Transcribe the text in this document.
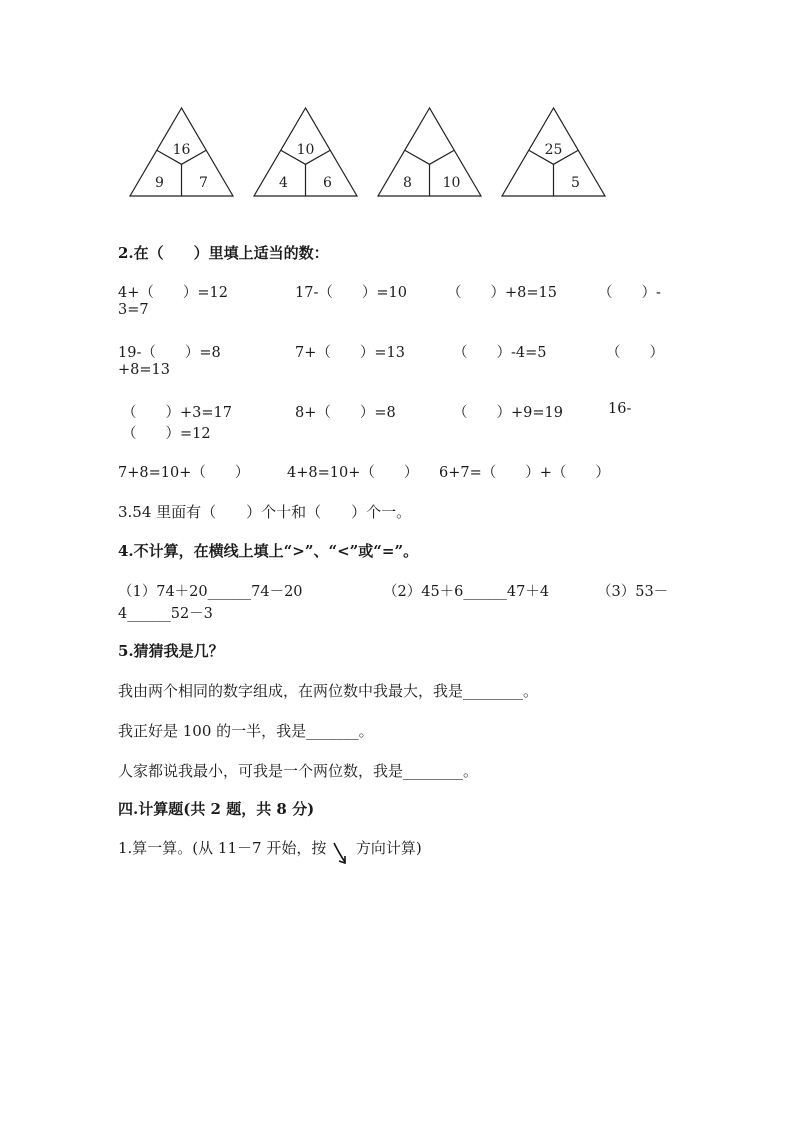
16
9	7
10
4	6	8 10
25
5
2.在（　　）里填上适当的数：
4+（　　）=12	17-（　　）=10	（　　）+8=15	（　　）-
3=7
19-（　　）=8	7+（　　）=13	（　　）-4=5	（　　）
+8=13
（　　）+3=17	8+（　　）=8	（　　）+9=19	16-
（　　）=12
7+8=10+（　　）	4+8=10+（　　） 6+7=（　　）+（　　）
3.54 里面有（　　）个十和（　　）个一。
4.不计算，在横线上填上“>”、“<”或“=”。
（1）74＋20______74－20	（2）45＋6______47＋4	（3）53－
4______52－3
5.猜猜我是几？
我由两个相同的数字组成，在两位数中我最大，我是________。
我正好是 100 的一半，我是_______。
人家都说我最小，可我是一个两位数，我是________。
四.计算题(共 2 题，共 8 分)
1.算一算。(从 11－7 开始，按 方向计算)
